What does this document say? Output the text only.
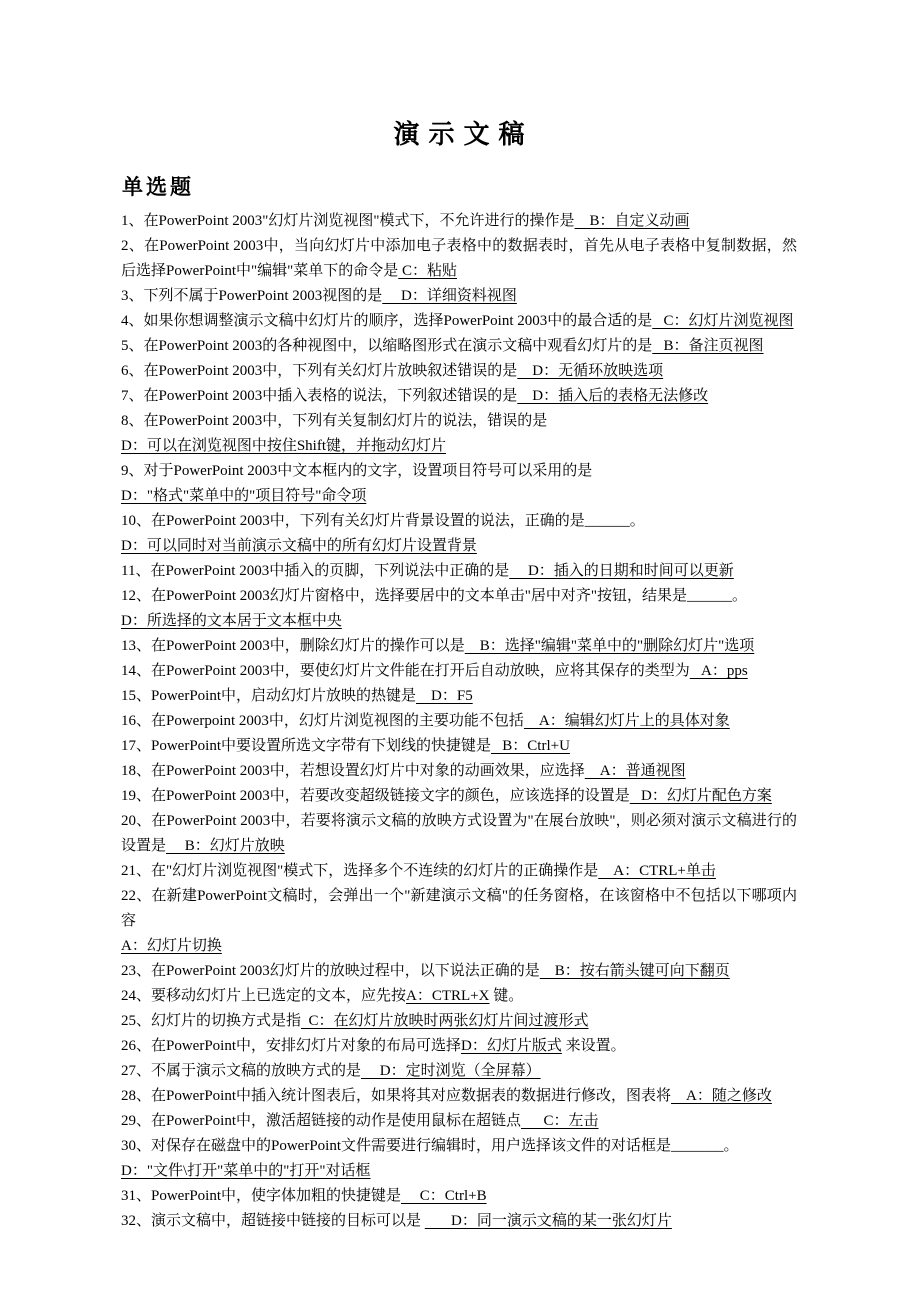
演示文稿
单选题

1、在PowerPoint 2003"幻灯片浏览视图"模式下，不允许进行的操作是    B：自定义动画

2、在PowerPoint 2003中，当向幻灯片中添加电子表格中的数据表时，首先从电子表格中复制数据，然后选择PowerPoint中"编辑"菜单下的命令是 C：粘贴

3、下列不属于PowerPoint 2003视图的是     D：详细资料视图

4、如果你想调整演示文稿中幻灯片的顺序，选择PowerPoint 2003中的最合适的是   C：幻灯片浏览视图

5、在PowerPoint 2003的各种视图中，以缩略图形式在演示文稿中观看幻灯片的是   B：备注页视图

6、在PowerPoint 2003中，下列有关幻灯片放映叙述错误的是    D：无循环放映选项

7、在PowerPoint 2003中插入表格的说法，下列叙述错误的是    D：插入后的表格无法修改

8、在PowerPoint 2003中，下列有关复制幻灯片的说法，错误的是
D：可以在浏览视图中按住Shift键，并拖动幻灯片

9、对于PowerPoint 2003中文本框内的文字，设置项目符号可以采用的是
D："格式"菜单中的"项目符号"命令项

10、在PowerPoint 2003中，下列有关幻灯片背景设置的说法，正确的是______。
D：可以同时对当前演示文稿中的所有幻灯片设置背景

11、在PowerPoint 2003中插入的页脚，下列说法中正确的是     D：插入的日期和时间可以更新

12、在PowerPoint 2003幻灯片窗格中，选择要居中的文本单击"居中对齐"按钮，结果是______。
D：所选择的文本居于文本框中央

13、在PowerPoint 2003中，删除幻灯片的操作可以是    B：选择"编辑"菜单中的"删除幻灯片"选项

14、在PowerPoint 2003中，要使幻灯片文件能在打开后自动放映，应将其保存的类型为   A：pps

15、PowerPoint中，启动幻灯片放映的热键是    D：F5

16、在Powerpoint 2003中，幻灯片浏览视图的主要功能不包括    A：编辑幻灯片上的具体对象

17、PowerPoint中要设置所选文字带有下划线的快捷键是   B：Ctrl+U

18、在PowerPoint 2003中，若想设置幻灯片中对象的动画效果，应选择    A：普通视图

19、在PowerPoint 2003中，若要改变超级链接文字的颜色，应该选择的设置是   D：幻灯片配色方案

20、在PowerPoint 2003中，若要将演示文稿的放映方式设置为"在展台放映"，则必须对演示文稿进行的设置是     B：幻灯片放映

21、在"幻灯片浏览视图"模式下，选择多个不连续的幻灯片的正确操作是    A：CTRL+单击

22、在新建PowerPoint文稿时，会弹出一个"新建演示文稿"的任务窗格，在该窗格中不包括以下哪项内容
A：幻灯片切换

23、在PowerPoint 2003幻灯片的放映过程中，以下说法正确的是    B：按右箭头键可向下翻页

24、要移动幻灯片上已选定的文本，应先按A：CTRL+X 键。

25、幻灯片的切换方式是指  C：在幻灯片放映时两张幻灯片间过渡形式

26、在PowerPoint中，安排幻灯片对象的布局可选择D：幻灯片版式 来设置。

27、不属于演示文稿的放映方式的是     D：定时浏览（全屏幕）

28、在PowerPoint中插入统计图表后，如果将其对应数据表的数据进行修改，图表将    A：随之修改

29、在PowerPoint中，激活超链接的动作是使用鼠标在超链点      C：左击

30、对保存在磁盘中的PowerPoint文件需要进行编辑时，用户选择该文件的对话框是_______。
D："文件\打开"菜单中的"打开"对话框

31、PowerPoint中，使字体加粗的快捷键是     C：Ctrl+B

32、演示文稿中，超链接中链接的目标可以是        D：同一演示文稿的某一张幻灯片
